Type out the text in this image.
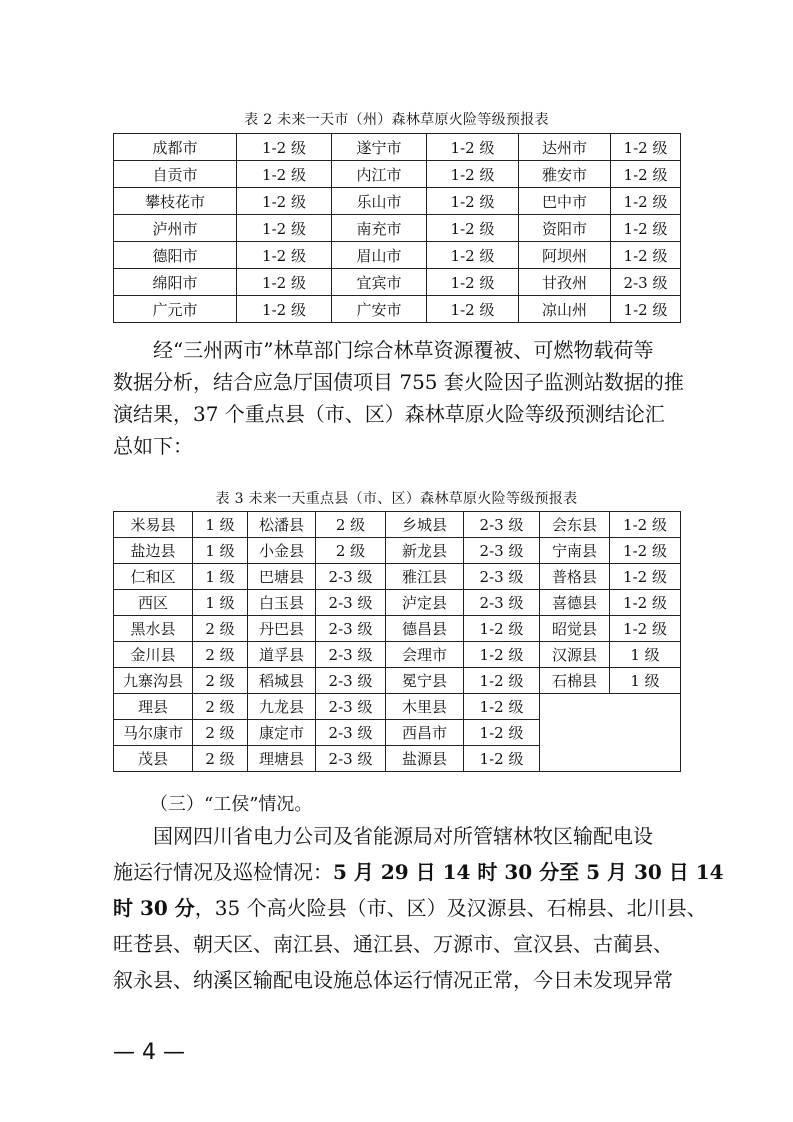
表 2 未来一天市（州）森林草原火险等级预报表
成都市	1-2 级	遂宁市	1-2 级	达州市	1-2 级
自贡市	1-2 级	内江市	1-2 级	雅安市	1-2 级
攀枝花市	1-2 级	乐山市	1-2 级	巴中市	1-2 级
泸州市	1-2 级	南充市	1-2 级	资阳市	1-2 级
德阳市	1-2 级	眉山市	1-2 级	阿坝州	1-2 级
绵阳市	1-2 级	宜宾市	1-2 级	甘孜州	2-3 级
广元市	1-2 级	广安市	1-2 级	凉山州	1-2 级
经“三州两市”林草部门综合林草资源覆被、可燃物载荷等
数据分析，结合应急厅国债项目 755 套火险因子监测站数据的推
演结果，37 个重点县（市、区）森林草原火险等级预测结论汇
总如下：
表 3 未来一天重点县（市、区）森林草原火险等级预报表
米易县	1 级	松潘县	2 级	乡城县	2-3 级	会东县	1-2 级
盐边县	1 级	小金县	2 级	新龙县	2-3 级	宁南县	1-2 级
仁和区	1 级	巴塘县	2-3 级	雅江县	2-3 级	普格县	1-2 级
西区	1 级	白玉县	2-3 级	泸定县	2-3 级	喜德县	1-2 级
黑水县	2 级	丹巴县	2-3 级	德昌县	1-2 级	昭觉县	1-2 级
金川县	2 级	道孚县	2-3 级	会理市	1-2 级	汉源县	1 级
九寨沟县	2 级	稻城县	2-3 级	冕宁县	1-2 级	石棉县	1 级
理县	2 级	九龙县	2-3 级	木里县	1-2 级		
马尔康市	2 级	康定市	2-3 级	西昌市	1-2 级		
茂县	2 级	理塘县	2-3 级	盐源县	1-2 级		
（三）“工侯”情况。
国网四川省电力公司及省能源局对所管辖林牧区输配电设
施运行情况及巡检情况：5 月 29 日 14 时 30 分至 5 月 30 日 14
时 30 分，35 个高火险县（市、区）及汉源县、石棉县、北川县、
旺苍县、朝天区、南江县、通江县、万源市、宣汉县、古蔺县、
叙永县、纳溪区输配电设施总体运行情况正常，今日未发现异常
— 4 —
